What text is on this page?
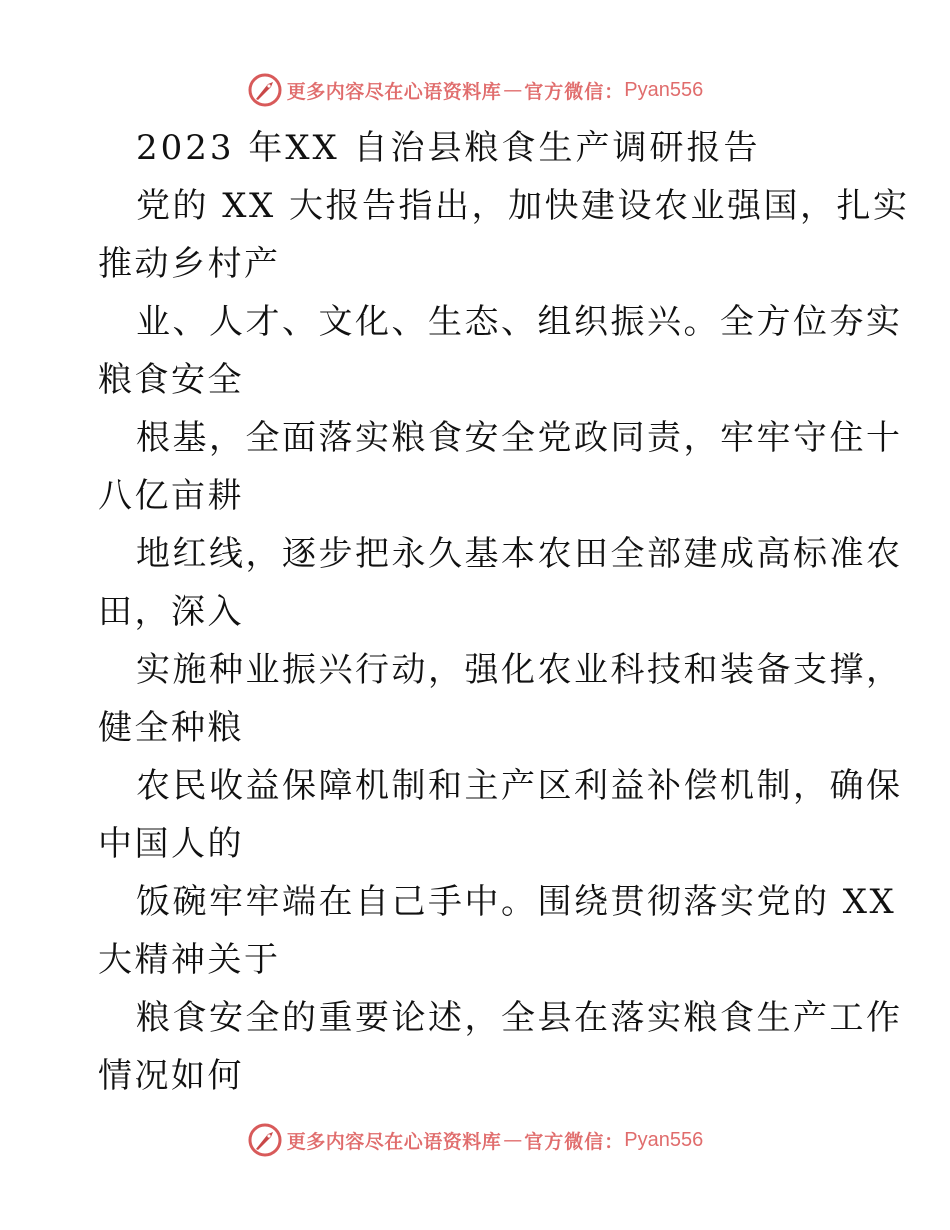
更多内容尽在心语资料库 — 官方微信： Pyan556
2023 年XX 自治县粮食生产调研报告
党的 XX 大报告指出，加快建设农业强国，扎实
推动乡村产
业、人才、文化、生态、组织振兴。全方位夯实
粮食安全
根基，全面落实粮食安全党政同责，牢牢守住十
八亿亩耕
地红线，逐步把永久基本农田全部建成高标准农
田，深入
实施种业振兴行动，强化农业科技和装备支撑，
健全种粮
农民收益保障机制和主产区利益补偿机制，确保
中国人的
饭碗牢牢端在自己手中。围绕贯彻落实党的 XX
大精神关于
粮食安全的重要论述，全县在落实粮食生产工作
情况如何
更多内容尽在心语资料库 — 官方微信： Pyan556
